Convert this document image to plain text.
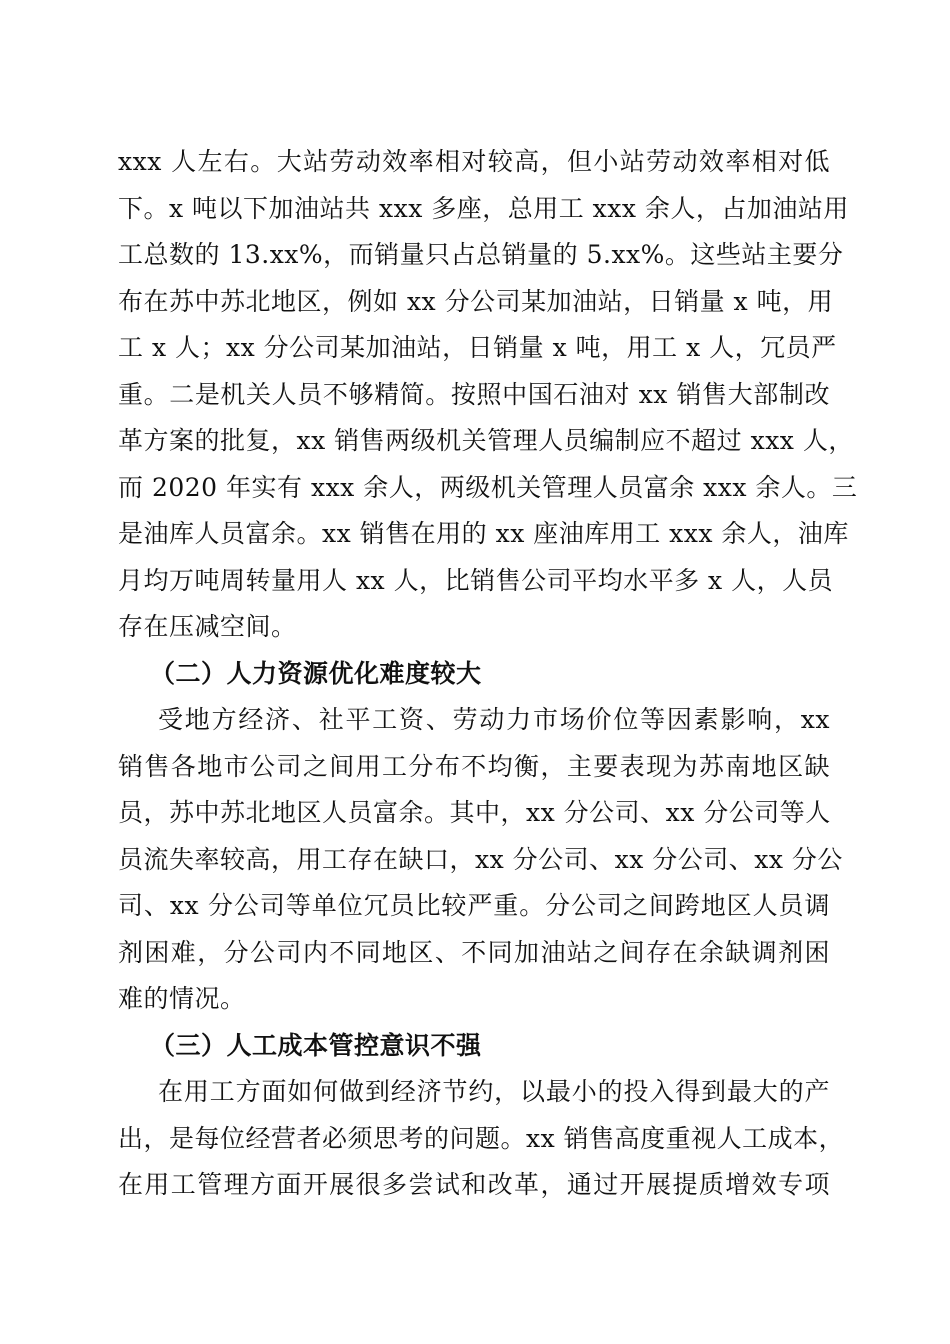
xxx 人左右。大站劳动效率相对较高，但小站劳动效率相对低
下。x 吨以下加油站共 xxx 多座，总用工 xxx 余人，占加油站用
工总数的 13.xx%，而销量只占总销量的 5.xx%。这些站主要分
布在苏中苏北地区，例如 xx 分公司某加油站，日销量 x 吨，用
工 x 人；xx 分公司某加油站，日销量 x 吨，用工 x 人，冗员严
重。二是机关人员不够精简。按照中国石油对 xx 销售大部制改
革方案的批复，xx 销售两级机关管理人员编制应不超过 xxx 人，
而 2020 年实有 xxx 余人，两级机关管理人员富余 xxx 余人。三
是油库人员富余。xx 销售在用的 xx 座油库用工 xxx 余人，油库
月均万吨周转量用人 xx 人，比销售公司平均水平多 x 人，人员
存在压减空间。
（二）人力资源优化难度较大
受地方经济、社平工资、劳动力市场价位等因素影响，xx
销售各地市公司之间用工分布不均衡，主要表现为苏南地区缺
员，苏中苏北地区人员富余。其中，xx 分公司、xx 分公司等人
员流失率较高，用工存在缺口，xx 分公司、xx 分公司、xx 分公
司、xx 分公司等单位冗员比较严重。分公司之间跨地区人员调
剂困难，分公司内不同地区、不同加油站之间存在余缺调剂困
难的情况。
（三）人工成本管控意识不强
在用工方面如何做到经济节约，以最小的投入得到最大的产
出，是每位经营者必须思考的问题。xx 销售高度重视人工成本，
在用工管理方面开展很多尝试和改革，通过开展提质增效专项
